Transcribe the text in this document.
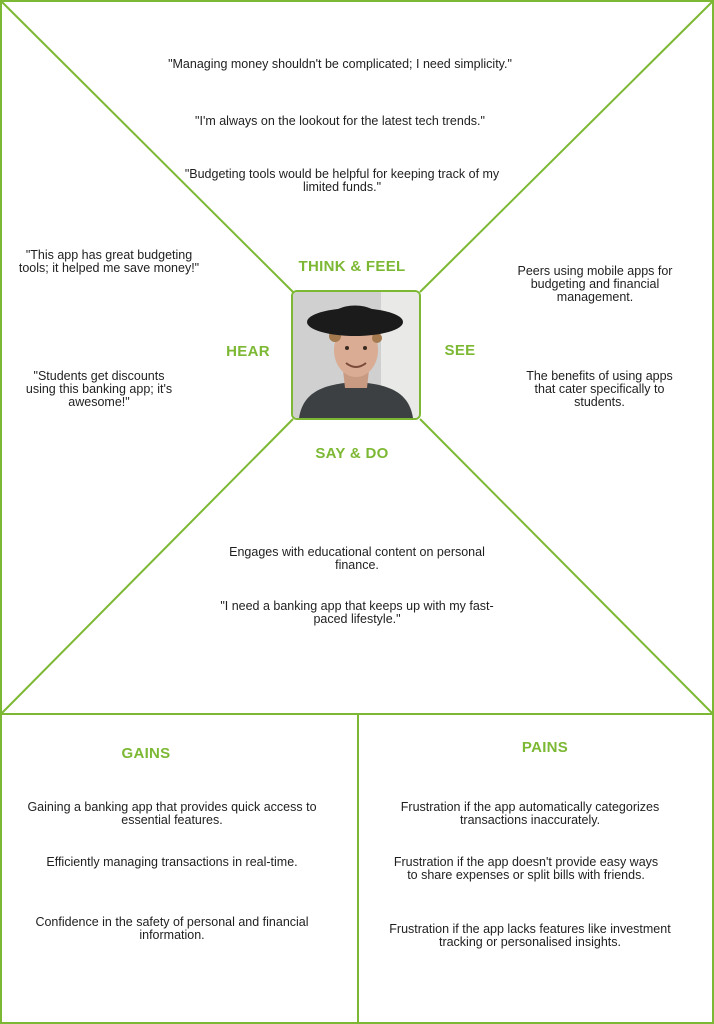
"Managing money shouldn't be complicated; I need simplicity."
"I'm always on the lookout for the latest tech trends."
"Budgeting tools would be helpful for keeping track of my limited funds."
THINK & FEEL
"This app has great budgeting tools; it helped me save money!"
"Students get discounts using this banking app; it's awesome!"
HEAR
Peers using mobile apps for budgeting and financial management.
The benefits of using apps that cater specifically to students.
SEE
SAY & DO
Engages with educational content on personal finance.
"I need a banking app that keeps up with my fast-paced lifestyle."
GAINS
Gaining a banking app that provides quick access to essential features.
Efficiently managing transactions in real-time.
Confidence in the safety of personal and financial information.
PAINS
Frustration if the app automatically categorizes transactions inaccurately.
Frustration if the app doesn't provide easy ways to share expenses or split bills with friends.
Frustration if the app lacks features like investment tracking or personalised insights.
